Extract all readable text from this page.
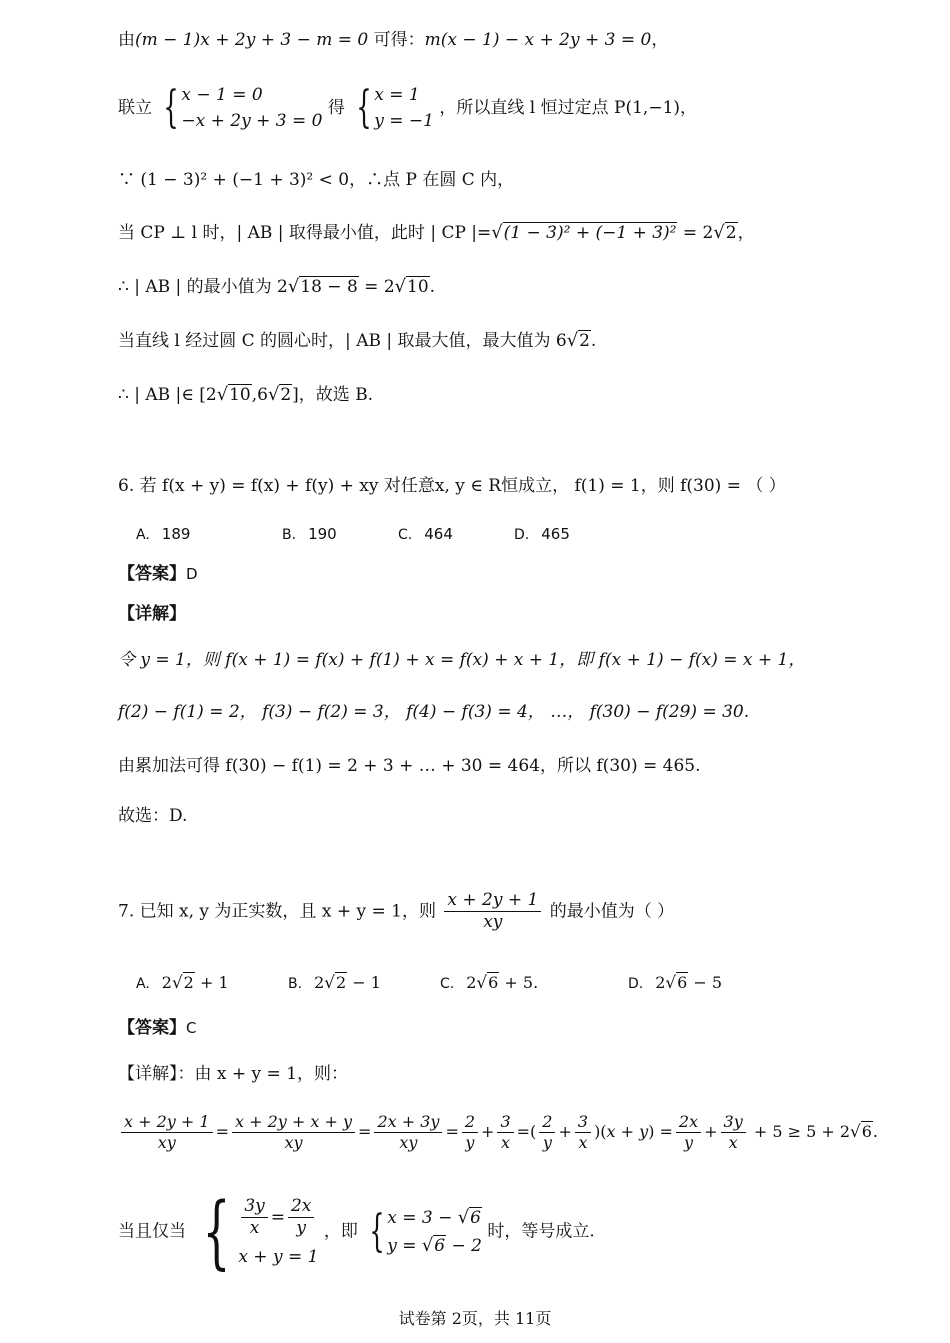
由(m − 1)x + 2y + 3 − m = 0 可得：m(x − 1) − x + 2y + 3 = 0，
联立 { x − 1 = 0
−x + 2y + 3 = 0
得 { x = 1
y = −1
，所以直线 l 恒过定点 P(1,−1)，
∵ (1 − 3)² + (−1 + 3)² < 0，∴点 P 在圆 C 内，
当 CP ⊥ l 时，| AB | 取得最小值，此时 | CP |=√(1 − 3)² + (−1 + 3)² = 2√2，
∴ | AB | 的最小值为 2√18 − 8 = 2√10.
当直线 l 经过圆 C 的圆心时，| AB | 取最大值，最大值为 6√2.
∴ | AB |∈ [2√10,6√2]，故选 B.
6. 若 f(x + y) = f(x) + f(y) + xy 对任意x, y ∈ R恒成立， f(1) = 1，则 f(30) = （ ）
A. 189	B. 190	C. 464	D. 465
【答案】D
【详解】
令 y = 1，则 f(x + 1) = f(x) + f(1) + x = f(x) + x + 1，即 f(x + 1) − f(x) = x + 1，
f(2) − f(1) = 2， f(3) − f(2) = 3， f(4) − f(3) = 4， …， f(30) − f(29) = 30.
由累加法可得 f(30) − f(1) = 2 + 3 + … + 30 = 464，所以 f(30) = 465.
故选：D.
7. 已知 x, y 为正实数，且 x + y = 1，则 $\frac{x + 2y + 1}{xy}$ 的最小值为（ ）
A. 2√2 + 1	B. 2√2 − 1	C. 2√6 + 5.	D. 2√6 − 5
【答案】C
【详解】：由 x + y = 1，则：
$\frac{x + 2y + 1}{xy} = \frac{x + 2y + x + y}{xy} = \frac{2x + 3y}{xy} = \frac{2}{y} + \frac{3}{x}$ =( $\frac{2}{y} + \frac{3}{x} )(x + y) = \frac{2x}{y} + \frac{3y}{x} + 5 \ge 5 + 2√6$.
当且仅当 { $\frac{3y}{x} = \frac{2x}{y}$
x + y = 1
，即 { x = 3 − √6
y = √6 − 2
时，等号成立.
试卷第 2页，共 11页
